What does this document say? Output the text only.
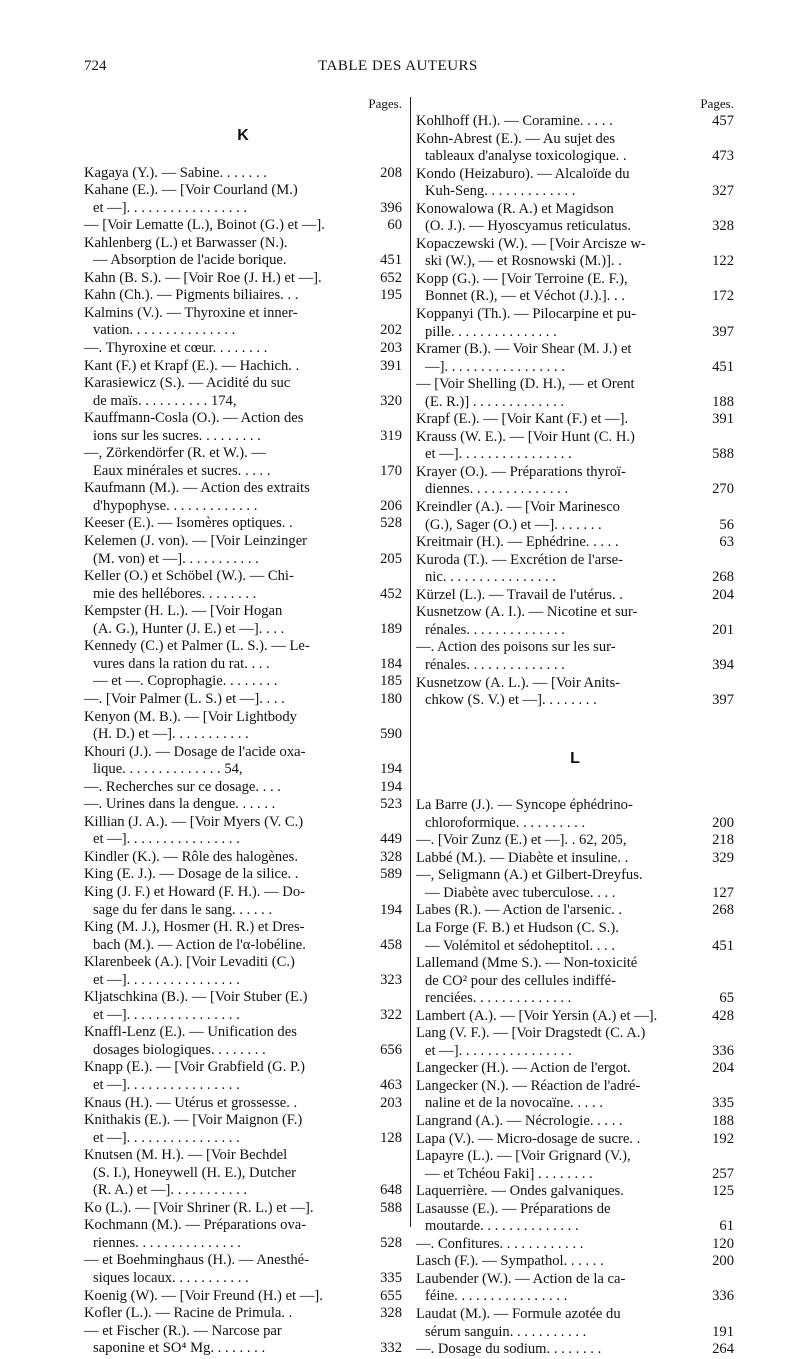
724	TABLE DES AUTEURS
Pages.
K
Kagaya (Y.). — Sabine. . . . . . .	208
Kahane (E.). — [Voir Courland (M.)
et —]. . . . . . . . . . . . . . . . .	396
— [Voir Lematte (L.), Boinot (G.) et —].	60
Kahlenberg (L.) et Barwasser (N.).
— Absorption de l'acide borique.	451
Kahn (B. S.). — [Voir Roe (J. H.) et —].	652
Kahn (Ch.). — Pigments biliaires. . .	195
Kalmins (V.). — Thyroxine et inner-
vation. . . . . . . . . . . . . . .	202
—. Thyroxine et cœur. . . . . . . .	203
Kant (F.) et Krapf (E.). — Hachich. .	391
Karasiewicz (S.). — Acidité du suc
de maïs. . . . . . . . . . 174,	320
Kauffmann-Cosla (O.). — Action des
ions sur les sucres. . . . . . . . .	319
—, Zörkendörfer (R. et W.). —
Eaux minérales et sucres. . . . .	170
Kaufmann (M.). — Action des extraits
d'hypophyse. . . . . . . . . . . . .	206
Keeser (E.). — Isomères optiques. .	528
Kelemen (J. von). — [Voir Leinzinger
(M. von) et —]. . . . . . . . . . .	205
Keller (O.) et Schöbel (W.). — Chi-
mie des hellébores. . . . . . . .	452
Kempster (H. L.). — [Voir Hogan
(A. G.), Hunter (J. E.) et —]. . . .	189
Kennedy (C.) et Palmer (L. S.). — Le-
vures dans la ration du rat. . . .	184
— et —. Coprophagie. . . . . . . .	185
—. [Voir Palmer (L. S.) et —]. . . .	180
Kenyon (M. B.). — [Voir Lightbody
(H. D.) et —]. . . . . . . . . . .	590
Khouri (J.). — Dosage de l'acide oxa-
lique. . . . . . . . . . . . . . 54,	194
—. Recherches sur ce dosage. . . .	194
—. Urines dans la dengue. . . . . .	523
Killian (J. A.). — [Voir Myers (V. C.)
et —]. . . . . . . . . . . . . . . .	449
Kindler (K.). — Rôle des halogènes.	328
King (E. J.). — Dosage de la silice. .	589
King (J. F.) et Howard (F. H.). — Do-
sage du fer dans le sang. . . . . .	194
King (M. J.), Hosmer (H. R.) et Dres-
bach (M.). — Action de l'α-lobéline.	458
Klarenbeek (A.). [Voir Levaditi (C.)
et —]. . . . . . . . . . . . . . . .	323
Kljatschkina (B.). — [Voir Stuber (E.)
et —]. . . . . . . . . . . . . . . .	322
Knaffl-Lenz (E.). — Unification des
dosages biologiques. . . . . . . .	656
Knapp (E.). — [Voir Grabfield (G. P.)
et —]. . . . . . . . . . . . . . . .	463
Knaus (H.). — Utérus et grossesse. .	203
Knithakis (E.). — [Voir Maignon (F.)
et —]. . . . . . . . . . . . . . . .	128
Knutsen (M. H.). — [Voir Bechdel
(S. I.), Honeywell (H. E.), Dutcher
(R. A.) et —]. . . . . . . . . . .	648
Ko (L.). — [Voir Shriner (R. L.) et —].	588
Kochmann (M.). — Préparations ova-
riennes. . . . . . . . . . . . . . .	528
— et Boehminghaus (H.). — Anesthé-
siques locaux. . . . . . . . . . .	335
Koenig (W). — [Voir Freund (H.) et —].	655
Kofler (L.). — Racine de Primula. .	328
— et Fischer (R.). — Narcose par
saponine et SO⁴ Mg. . . . . . . .	332
Pages.
Kohlhoff (H.). — Coramine. . . . .	457
Kohn-Abrest (E.). — Au sujet des
tableaux d'analyse toxicologique. .	473
Kondo (Heizaburo). — Alcaloïde du
Kuh-Seng. . . . . . . . . . . . .	327
Konowalowa (R. A.) et Magidson
(O. J.). — Hyoscyamus reticulatus.	328
Kopaczewski (W.). — [Voir Arcisze w-
ski (W.), — et Rosnowski (M.)]. .	122
Kopp (G.). — [Voir Terroine (E. F.),
Bonnet (R.), — et Véchot (J.).]. . .	172
Koppanyi (Th.). — Pilocarpine et pu-
pille. . . . . . . . . . . . . . .	397
Kramer (B.). — Voir Shear (M. J.) et
—]. . . . . . . . . . . . . . . . .	451
— [Voir Shelling (D. H.), — et Orent
(E. R.)] . . . . . . . . . . . . .	188
Krapf (E.). — [Voir Kant (F.) et —].	391
Krauss (W. E.). — [Voir Hunt (C. H.)
et —]. . . . . . . . . . . . . . . .	588
Krayer (O.). — Préparations thyroï-
diennes. . . . . . . . . . . . . .	270
Kreindler (A.). — [Voir Marinesco
(G.), Sager (O.) et —]. . . . . . .	56
Kreitmair (H.). — Ephédrine. . . . .	63
Kuroda (T.). — Excrétion de l'arse-
nic. . . . . . . . . . . . . . . .	268
Kürzel (L.). — Travail de l'utérus. .	204
Kusnetzow (A. I.). — Nicotine et sur-
rénales. . . . . . . . . . . . . .	201
—. Action des poisons sur les sur-
rénales. . . . . . . . . . . . . .	394
Kusnetzow (A. L.). — [Voir Anits-
chkow (S. V.) et —]. . . . . . . .	397
L
La Barre (J.). — Syncope éphédrino-
chloroformique. . . . . . . . . .	200
—. [Voir Zunz (E.) et —]. . 62, 205,	218
Labbé (M.). — Diabète et insuline. .	329
—, Seligmann (A.) et Gilbert-Dreyfus.
— Diabète avec tuberculose. . . .	127
Labes (R.). — Action de l'arsenic. .	268
La Forge (F. B.) et Hudson (C. S.).
— Volémitol et sédoheptitol. . . .	451
Lallemand (Mme S.). — Non-toxicité
de CO² pour des cellules indiffé-
renciées. . . . . . . . . . . . . .	65
Lambert (A.). — [Voir Yersin (A.) et —].	428
Lang (V. F.). — [Voir Dragstedt (C. A.)
et —]. . . . . . . . . . . . . . . .	336
Langecker (H.). — Action de l'ergot.	204
Langecker (N.). — Réaction de l'adré-
naline et de la novocaïne. . . . .	335
Langrand (A.). — Nécrologie. . . . .	188
Lapa (V.). — Micro-dosage de sucre. .	192
Lapayre (L.). — [Voir Grignard (V.),
— et Tchéou Faki] . . . . . . . .	257
Laquerrière. — Ondes galvaniques.	125
Lasausse (E.). — Préparations de
moutarde. . . . . . . . . . . . . .	61
—. Confitures. . . . . . . . . . . .	120
Lasch (F.). — Sympathol. . . . . .	200
Laubender (W.). — Action de la ca-
féine. . . . . . . . . . . . . . . .	336
Laudat (M.). — Formule azotée du
sérum sanguin. . . . . . . . . . .	191
—. Dosage du sodium. . . . . . . .	264
